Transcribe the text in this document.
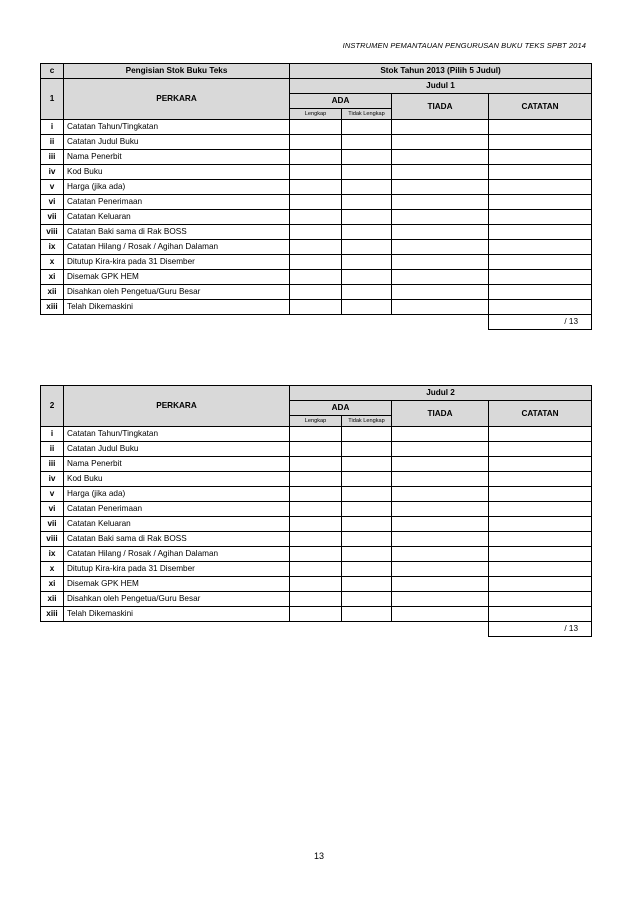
INSTRUMEN PEMANTAUAN PENGURUSAN BUKU TEKS SPBT 2014
c	Pengisian Stok Buku Teks	Stok Tahun 2013 (Pilih 5 Judul)			
1	PERKARA	Judul 1			
		ADA		TIADA	CATATAN
		Lengkap	Tidak Lengkap		
i	Catatan Tahun/Tingkatan				
ii	Catatan Judul Buku				
iii	Nama Penerbit				
iv	Kod Buku				
v	Harga (jika ada)				
vi	Catatan Penerimaan				
vii	Catatan Keluaran				
viii	Catatan Baki sama di Rak BOSS				
ix	Catatan Hilang / Rosak / Agihan Dalaman				
x	Ditutup Kira-kira pada 31 Disember				
xi	Disemak GPK HEM				
xii	Disahkan oleh Pengetua/Guru Besar				
xiii	Telah Dikemaskini				
					/ 13
2	PERKARA	Judul 2			
		ADA		TIADA	CATATAN
		Lengkap	Tidak Lengkap		
i	Catatan Tahun/Tingkatan				
ii	Catatan Judul Buku				
iii	Nama Penerbit				
iv	Kod Buku				
v	Harga (jika ada)				
vi	Catatan Penerimaan				
vii	Catatan Keluaran				
viii	Catatan Baki sama di Rak BOSS				
ix	Catatan Hilang / Rosak / Agihan Dalaman				
x	Ditutup Kira-kira pada 31 Disember				
xi	Disemak GPK HEM				
xii	Disahkan oleh Pengetua/Guru Besar				
xiii	Telah Dikemaskini				
					/ 13
13
